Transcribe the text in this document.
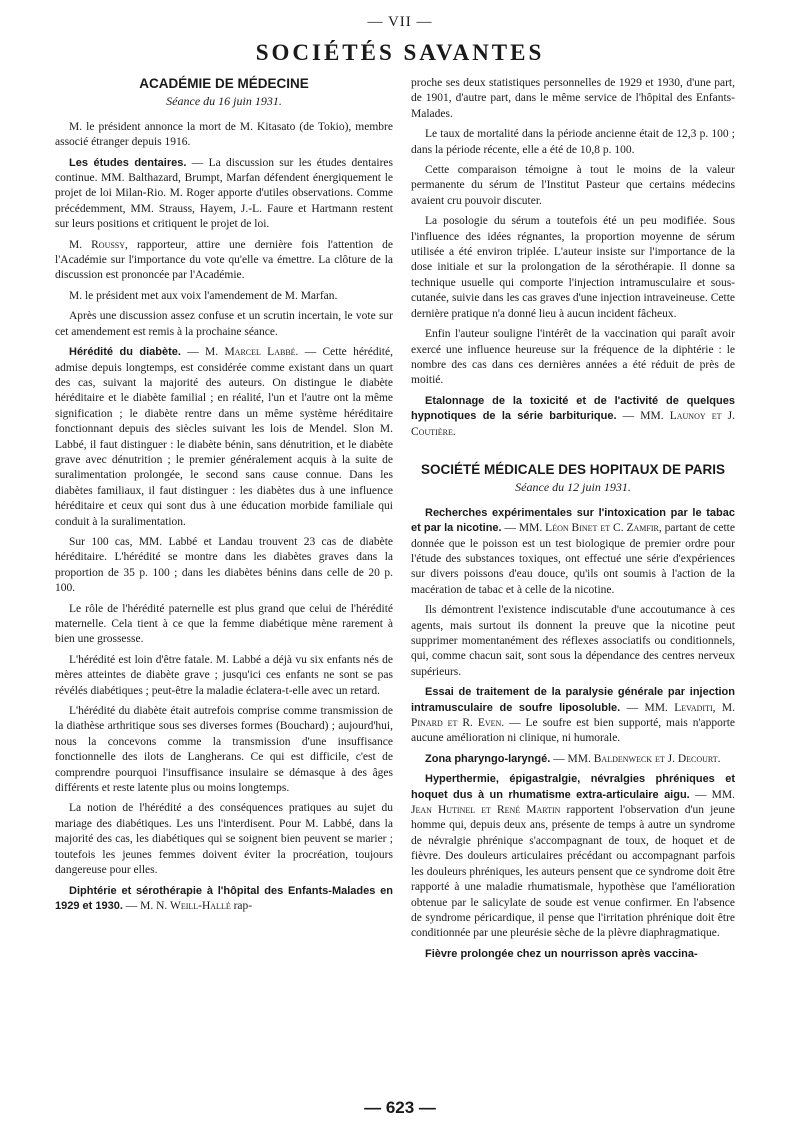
— VII —
SOCIÉTÉS SAVANTES
ACADÉMIE DE MÉDECINE
Séance du 16 juin 1931.

M. le président annonce la mort de M. Kitasato (de Tokio), membre associé étranger depuis 1916.

Les études dentaires. — La discussion sur les études dentaires continue. MM. Balthazard, Brumpt, Marfan défendent énergiquement le projet de loi Milan-Rio. M. Roger apporte d'utiles observations. Comme précédemment, MM. Strauss, Hayem, J.-L. Faure et Hartmann restent sur leurs positions et critiquent le projet de loi.

M. Roussy, rapporteur, attire une dernière fois l'attention de l'Académie sur l'importance du vote qu'elle va émettre. La clôture de la discussion est prononcée par l'Académie.

M. le président met aux voix l'amendement de M. Marfan.

Après une discussion assez confuse et un scrutin incertain, le vote sur cet amendement est remis à la prochaine séance.

Hérédité du diabète. — M. Marcel Labbé. — Cette hérédité, admise depuis longtemps, est considérée comme existant dans un quart des cas, suivant la majorité des auteurs. On distingue le diabète héréditaire et le diabète familial ; en réalité, l'un et l'autre ont la même signification ; le diabète rentre dans un même système héréditaire fonctionnant depuis des siècles suivant les lois de Mendel. Slon M. Labbé, il faut distinguer : le diabète bénin, sans dénutrition, et le diabète grave avec dénutrition ; le premier généralement acquis à la suite de suralimentation prolongée, le second sans cause connue. Dans les diabètes familiaux, il faut distinguer : les diabètes dus à une influence héréditaire et ceux qui sont dus à une éducation morbide familiale qui conduit à la suralimentation.

Sur 100 cas, MM. Labbé et Landau trouvent 23 cas de diabète héréditaire. L'hérédité se montre dans les diabètes graves dans la proportion de 35 p. 100 ; dans les diabètes bénins dans celle de 20 p. 100.

Le rôle de l'hérédité paternelle est plus grand que celui de l'hérédité maternelle. Cela tient à ce que la femme diabétique mène rarement à bien une grossesse.

L'hérédité est loin d'être fatale. M. Labbé a déjà vu six enfants nés de mères atteintes de diabète grave ; jusqu'ici ces enfants ne sont se pas révélés diabétiques ; peut-être la maladie éclatera-t-elle avec un retard.

L'hérédité du diabète était autrefois comprise comme transmission de la diathèse arthritique sous ses diverses formes (Bouchard) ; aujourd'hui, nous la concevons comme la transmission d'une insuffisance fonctionnelle des ilots de Langherans. Ce qui est difficile, c'est de comprendre pourquoi l'insuffisance insulaire se démasque à des âges différents et reste latente plus ou moins longtemps.

La notion de l'hérédité a des conséquences pratiques au sujet du mariage des diabétiques. Les uns l'interdisent. Pour M. Labbé, dans la majorité des cas, les diabétiques qui se soignent bien peuvent se marier ; toutefois les jeunes femmes doivent éviter la procréation, toujours dangereuse pour elles.

Diphtérie et sérothérapie à l'hôpital des Enfants-Malades en 1929 et 1930. — M. N. Weill-Hallé rap-

proche ses deux statistiques personnelles de 1929 et 1930, d'une part, de 1901, d'autre part, dans le même service de l'hôpital des Enfants-Malades.

Le taux de mortalité dans la période ancienne était de 12,3 p. 100 ; dans la période récente, elle a été de 10,8 p. 100.

Cette comparaison témoigne à tout le moins de la valeur permanente du sérum de l'Institut Pasteur que certains médecins avaient cru pouvoir discuter.

La posologie du sérum a toutefois été un peu modifiée. Sous l'influence des idées régnantes, la proportion moyenne de sérum utilisée a été environ triplée. L'auteur insiste sur l'importance de la dose initiale et sur la prolongation de la sérothérapie. Il donne sa technique usuelle qui comporte l'injection intramusculaire et sous-cutanée, suivie dans les cas graves d'une injection intraveineuse. Cette dernière pratique n'a donné lieu à aucun incident fâcheux.

Enfin l'auteur souligne l'intérêt de la vaccination qui paraît avoir exercé une influence heureuse sur la fréquence de la diphtérie : le nombre des cas dans ces dernières années a été réduit de près de moitié.

Etalonnage de la toxicité et de l'activité de quelques hypnotiques de la série barbiturique. — MM. Launoy et J. Coutière.

SOCIÉTÉ MÉDICALE DES HOPITAUX DE PARIS
Séance du 12 juin 1931.

Recherches expérimentales sur l'intoxication par le tabac et par la nicotine. — MM. Léon Binet et C. Zamfir, partant de cette donnée que le poisson est un test biologique de premier ordre pour l'étude des substances toxiques, ont effectué une série d'expériences sur divers poissons d'eau douce, qu'ils ont soumis à l'action de la macération de tabac et à celle de la nicotine.

Ils démontrent l'existence indiscutable d'une accoutumance à ces agents, mais surtout ils donnent la preuve que la nicotine peut supprimer momentanément des réflexes associatifs ou conditionnels, qui, comme chacun sait, sont sous la dépendance des centres nerveux supérieurs.

Essai de traitement de la paralysie générale par injection intramusculaire de soufre liposoluble. — MM. Levaditi, M. Pinard et R. Even. — Le soufre est bien supporté, mais n'apporte aucune amélioration ni clinique, ni humorale.

Zona pharyngo-laryngé. — MM. Baldenweck et J. Decourt.

Hyperthermie, épigastralgie, névralgies phréniques et hoquet dus à un rhumatisme extra-articulaire aigu. — MM. Jean Hutinel et René Martin rapportent l'observation d'un jeune homme qui, depuis deux ans, présente de temps à autre un syndrome de névralgie phrénique s'accompagnant de toux, de hoquet et de fièvre. Des douleurs articulaires précédant ou accompagnant parfois les douleurs phréniques, les auteurs pensent que ce syndrome doit être rapporté à une maladie rhumatismale, hypothèse que l'amélioration obtenue par le salicylate de soude est venue confirmer. En l'absence de syndrome péricardique, il pense que l'irritation phrénique doit être conditionnée par une pleurésie sèche de la plèvre diaphragmatique.

Fièvre prolongée chez un nourrisson après vaccina-

— 623 —
